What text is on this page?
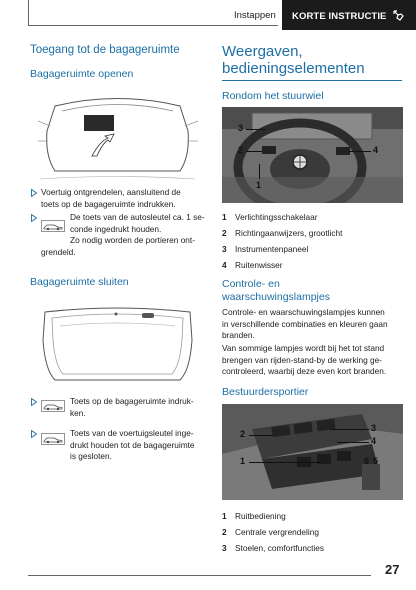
Instappen	KORTE INSTRUCTIE
Toegang tot de bagageruimte
Bagageruimte openen
Voertuig ontgrendelen, aansluitend de
toets op de bagageruimte indrukken.
De toets van de autosleutel ca. 1 se-
conde ingedrukt houden.
Zo nodig worden de portieren ont-
grendeld.
Bagageruimte sluiten
Toets op de bagageruimte indruk-
ken.
Toets van de voertuigsleutel inge-
drukt houden tot de bagageruimte
is gesloten.
Weergaven,
bedieningselementen
Rondom het stuurwiel
3
2	4
1
1	Verlichtingsschakelaar
2	Richtingaanwijzers, grootlicht
3	Instrumentenpaneel
4	Ruitenwisser
Controle- en
waarschuwingslampjes
Controle- en waarschuwingslampjes kunnen
in verschillende combinaties en kleuren gaan
branden.
Van sommige lampjes wordt bij het tot stand
brengen van rijden-stand-by de werking ge-
controleerd, waarbij deze even kort branden.
Bestuurdersportier
2
1
3
4
6 5
1	Ruitbediening
2	Centrale vergrendeling
3	Stoelen, comfortfuncties
27
